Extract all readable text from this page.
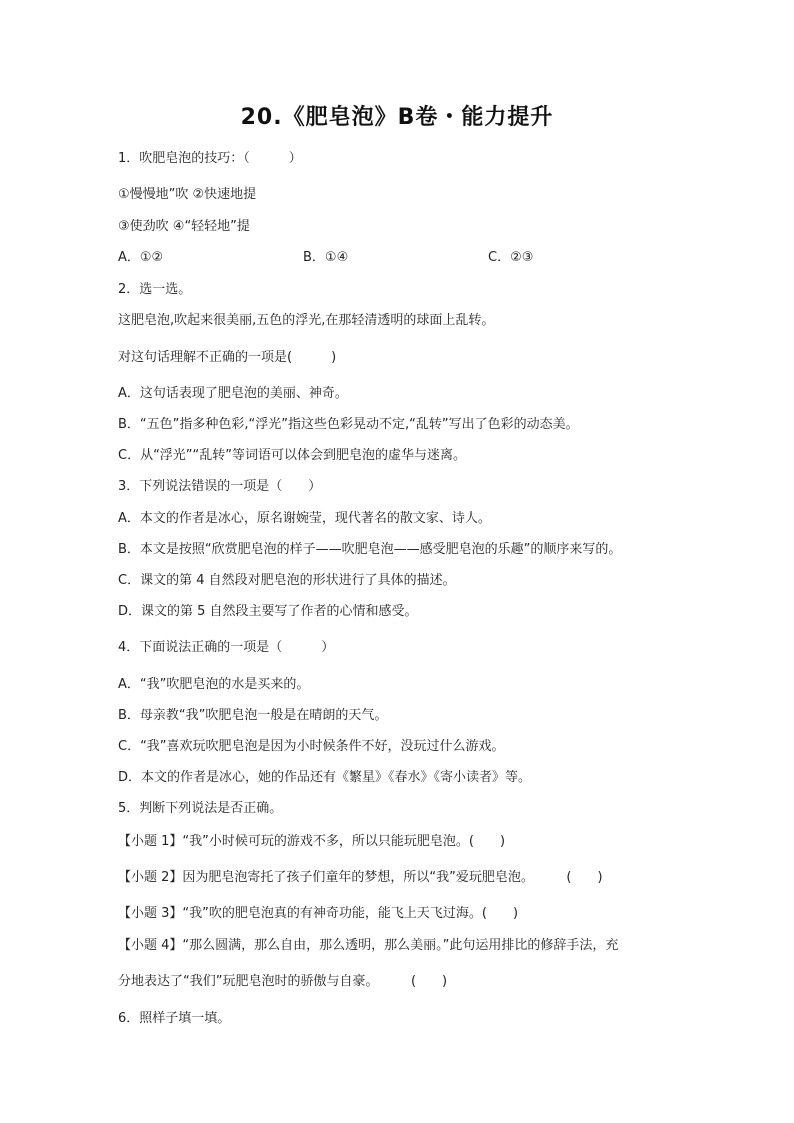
20.《肥皂泡》B卷・能力提升
1．吹肥皂泡的技巧：（　　　）
①慢慢地”吹 ②快速地提
③使劲吹 ④“轻轻地”提
A．①②	B．①④	C．②③
2．选一选。
这肥皂泡,吹起来很美丽,五色的浮光,在那轻清透明的球面上乱转。
对这句话理解不正确的一项是(　　　)
A．这句话表现了肥皂泡的美丽、神奇。
B．“五色”指多种色彩,“浮光”指这些色彩晃动不定,“乱转”写出了色彩的动态美。
C．从“浮光”“乱转”等词语可以体会到肥皂泡的虚华与迷离。
3．下列说法错误的一项是（　　）
A．本文的作者是冰心，原名谢婉莹，现代著名的散文家、诗人。
B．本文是按照“欣赏肥皂泡的样子——吹肥皂泡——感受肥皂泡的乐趣”的顺序来写的。
C．课文的第 4 自然段对肥皂泡的形状进行了具体的描述。
D．课文的第 5 自然段主要写了作者的心情和感受。
4．下面说法正确的一项是（　　　）
A．“我”吹肥皂泡的水是买来的。
B．母亲教“我”吹肥皂泡一般是在晴朗的天气。
C．“我”喜欢玩吹肥皂泡是因为小时候条件不好，没玩过什么游戏。
D．本文的作者是冰心，她的作品还有《繁星》《春水》《寄小读者》等。
5．判断下列说法是否正确。
【小题 1】“我”小时候可玩的游戏不多，所以只能玩肥皂泡。(　　)
【小题 2】因为肥皂泡寄托了孩子们童年的梦想，所以“我”爱玩肥皂泡。　　　(　　)
【小题 3】“我”吹的肥皂泡真的有神奇功能，能飞上天飞过海。(　　)
【小题 4】“那么圆满，那么自由，那么透明，那么美丽。”此句运用排比的修辞手法，充
分地表达了“我们”玩肥皂泡时的骄傲与自豪。　　　(　　)
6．照样子填一填。
